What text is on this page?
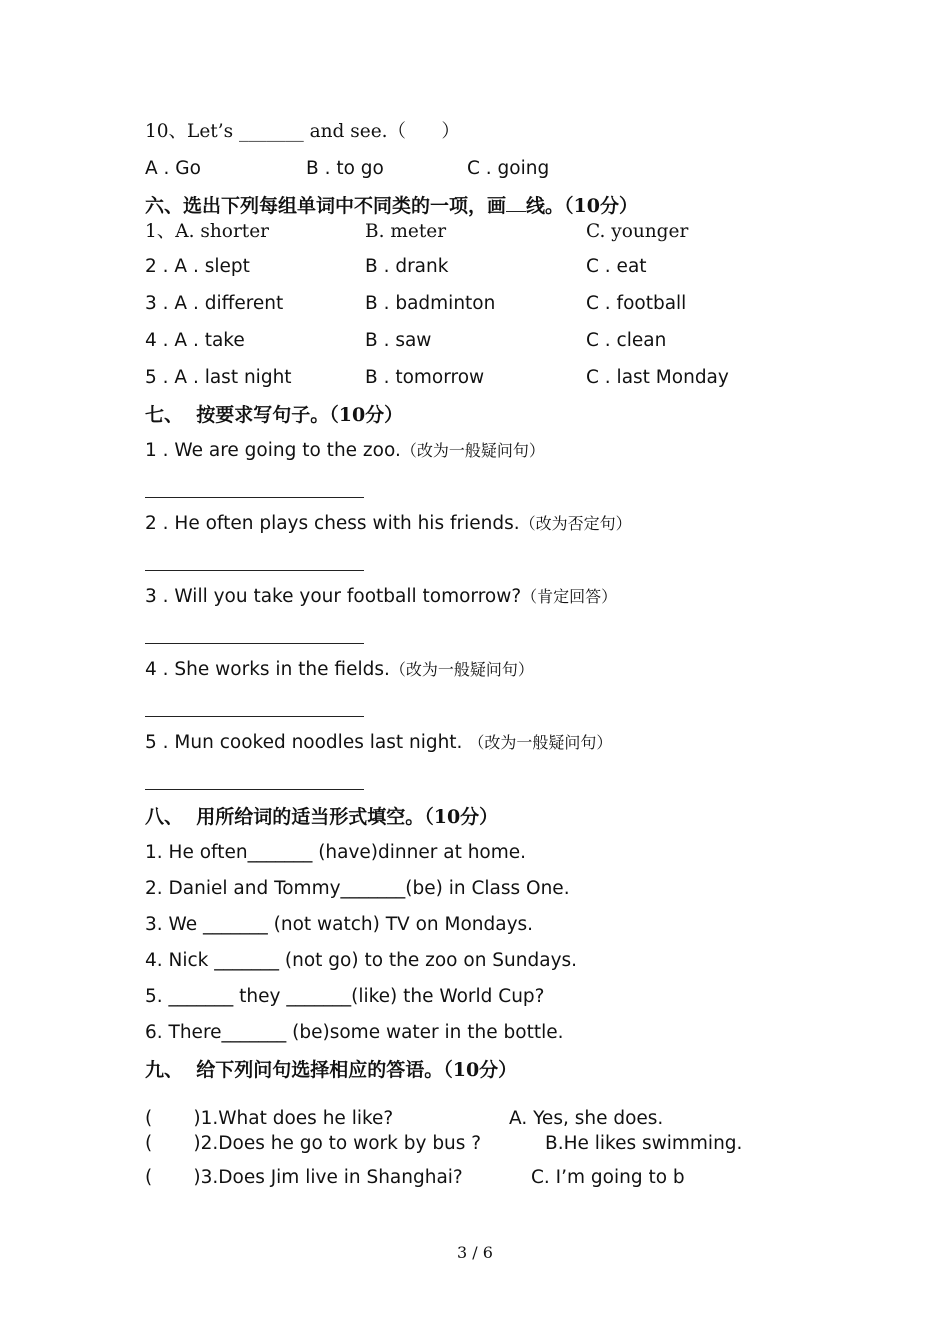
10、Let’s _______ and see.（      ）
A . Go	B . to go	C . going
六、选出下列每组单词中不同类的一项，画 线。（10分）
1、A. shorter	B. meter	C. younger
2 . A . slept	B . drank	C . eat
3 . A . different	B . badminton	C . football
4 . A . take	B . saw	C . clean
5 . A . last night	B . tomorrow	C . last Monday
七、  按要求写句子。（10分）
1 . We are going to the zoo.（改为一般疑问句）
2 . He often plays chess with his friends.（改为否定句）
3 . Will you take your football tomorrow?（肯定回答）
4 . She works in the fields.（改为一般疑问句）
5 . Mun cooked noodles last night. （改为一般疑问句）
八、  用所给词的适当形式填空。（10分）
1. He often_______ (have)dinner at home.
2. Daniel and Tommy_______(be) in Class One.
3. We _______ (not watch) TV on Mondays.
4. Nick _______ (not go) to the zoo on Sundays.
5. _______ they _______(like) the World Cup?
6. There_______ (be)some water in the bottle.
九、  给下列问句选择相应的答语。（10分）
(       )1.What does he like?	A. Yes, she does.
(       )2.Does he go to work by bus ?	B.He likes swimming.
(       )3.Does Jim live in Shanghai?	C. I’m going to b
3 / 6
